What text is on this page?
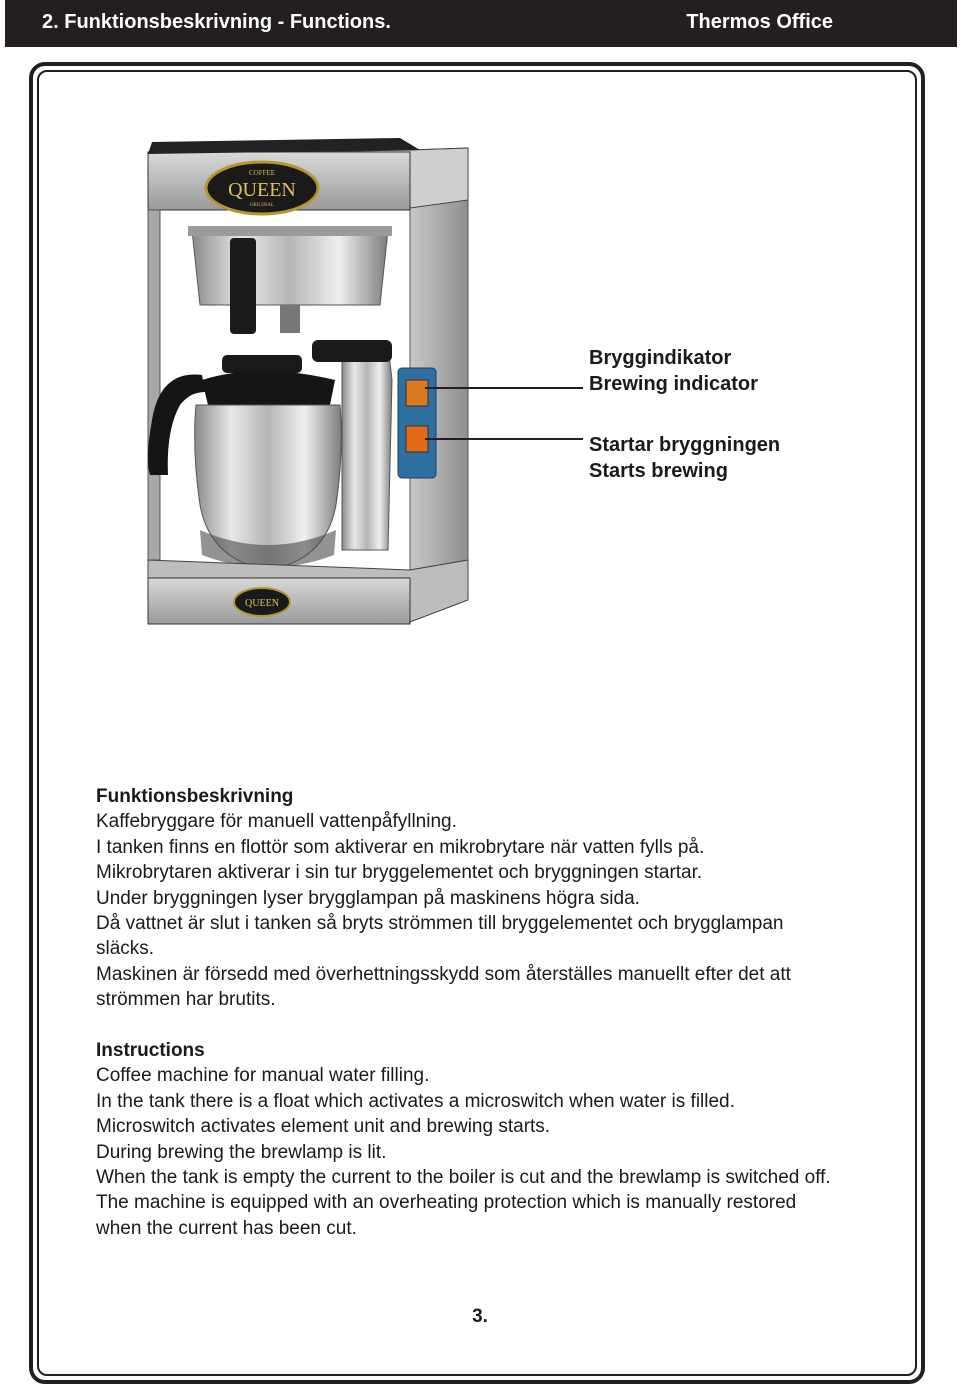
2. Funktionsbeskrivning - Functions.	Thermos Office
COFFEE
QUEEN
ORIGINAL
QUEEN
Bryggindikator
Brewing indicator
Startar bryggningen
Starts brewing
Funktionsbeskrivning
Kaffebryggare för manuell vattenpåfyllning.
I tanken finns en flottör som aktiverar en mikrobrytare när vatten fylls på.
Mikrobrytaren aktiverar i sin tur bryggelementet och bryggningen startar.
Under bryggningen lyser brygglampan på maskinens högra sida.
Då vattnet är slut i tanken så bryts strömmen till bryggelementet och brygglampan
släcks.
Maskinen är försedd med överhettningsskydd som återställes manuellt efter det att
strömmen har brutits.
Instructions
Coffee machine for manual water filling.
In the tank there is a float which activates a microswitch when water is filled.
Microswitch activates element unit and brewing starts.
During brewing the brewlamp is lit.
When the tank is empty the current to the boiler is cut and the brewlamp is switched off.
The machine is equipped with an overheating protection which is manually restored
when the current has been cut.
3.
